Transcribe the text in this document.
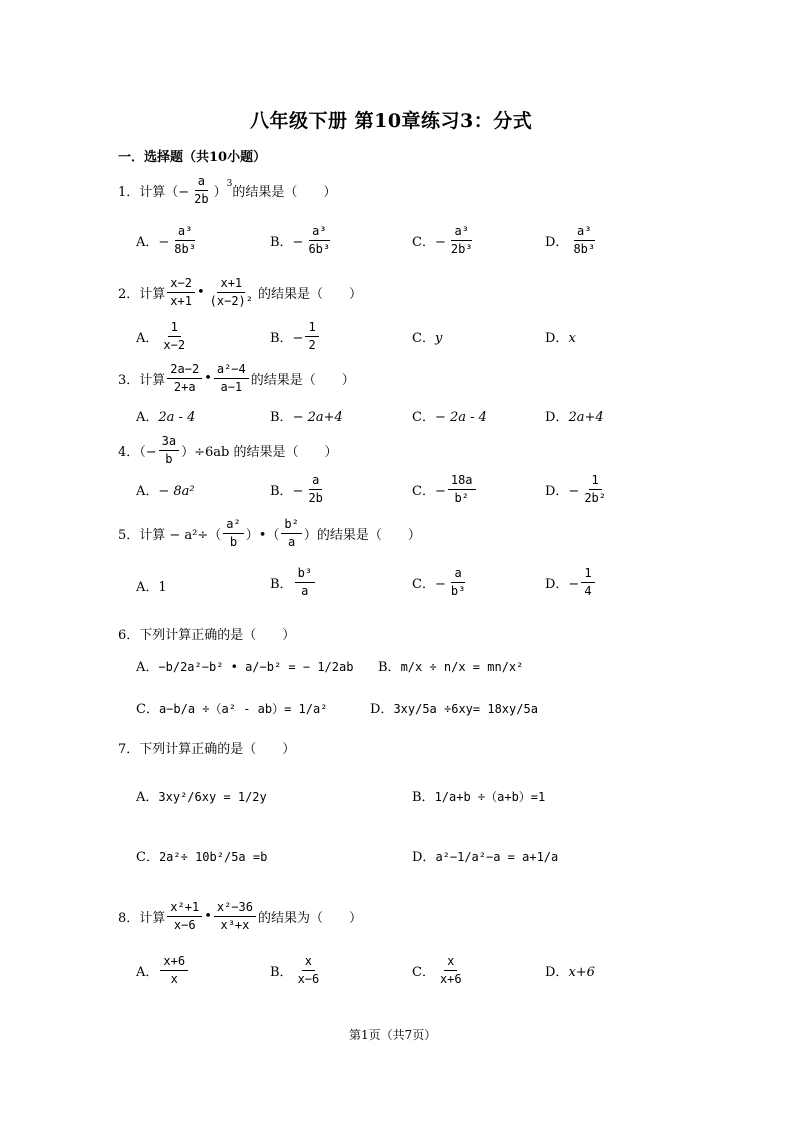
八年级下册 第10章练习3：分式
一．选择题（共10小题）
1．计算（− $\frac{a}{2b}$ ）
3
的结果是（　　）
A．− $\frac{\text{a³}}{\text{8b³}}$	B．− $\frac{\text{a³}}{\text{6b³}}$	C．− $\frac{\text{a³}}{\text{2b³}}$	D． $\frac{\text{a³}}{\text{8b³}}$
2．计算 $\frac{x-2}{x+1}$ • $\frac{x+1}{\text{(x−2)²}}$ 的结果是（　　）
A． $\frac{1}{x-2}$	B．− $\frac{1}{2}$	C．y	D．x
3．计算 $\frac{2a-2}{2+a}$ • $\frac{\text{a²−4}}{a-1}$ 的结果是（　　）
A．2a - 4	B．− 2a+4	C．− 2a - 4	D．2a+4
4．（− $\frac{3a}{b} )\div 6ab$ 的结果是（　　）
A．− 8a²	B．− $\frac{a}{2b}$	C．− $\frac{18a}{\text{b²}}$	D．− $\frac{1}{\text{2b²}}$
5．计算 − $a^2\div( \frac{\text{a²}}{b}$ ）•（ $\frac{\text{b²}}{a}$ ）的结果是（　　）
A．1	B． $\frac{\text{b³}}{a}$	C．− $\frac{a}{\text{b³}}$	D．− $\frac{1}{4}$
6．下列计算正确的是（　　）
A．−b/2a²−b² • a/−b² = − 1/2ab B．m/x ÷ n/x = mn/x²
C．a−b/a ÷（a² - ab）= 1/a²	D．3xy/5a ÷6xy= 18xy/5a
7．下列计算正确的是（　　）
A．3xy²/6xy = 1/2y	B．1/a+b ÷（a+b）=1
C．2a²÷ 10b²/5a =b	D．a²−1/a²−a = a+1/a
8．计算 $\frac{\text{x²+1}}{x-6}$ • $\frac{\text{x²−36}}{\text{x³+x}}$ 的结果为（　　）
A． $\frac{x+6}{x}$	B． $\frac{x}{x-6}$	C． $\frac{x}{x+6}$	D．x+6
第1页（共7页）
